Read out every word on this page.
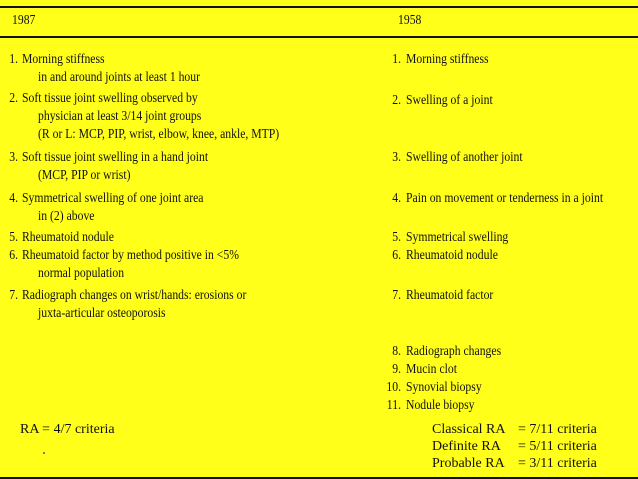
1987	1958
1. Morning stiffness
in and around joints at least 1 hour
2. Soft tissue joint swelling observed by
physician at least 3/14 joint groups
(R or L: MCP, PIP, wrist, elbow, knee, ankle, MTP)
3. Soft tissue joint swelling in a hand joint
(MCP, PIP or wrist)
4. Symmetrical swelling of one joint area
in (2) above
5. Rheumatoid nodule
6. Rheumatoid factor by method positive in <5%
normal population
7. Radiograph changes on wrist/hands: erosions or
juxta-articular osteoporosis
1. Morning stiffness
2. Swelling of a joint
3. Swelling of another joint
4. Pain on movement or tenderness in a joint
5. Symmetrical swelling
6. Rheumatoid nodule
7. Rheumatoid factor
8. Radiograph changes
9. Mucin clot
10. Synovial biopsy
11. Nodule biopsy
RA = 4/7 criteria	Classical RA = 7/11 criteria
Definite RA = 5/11 criteria
Probable RA = 3/11 criteria
